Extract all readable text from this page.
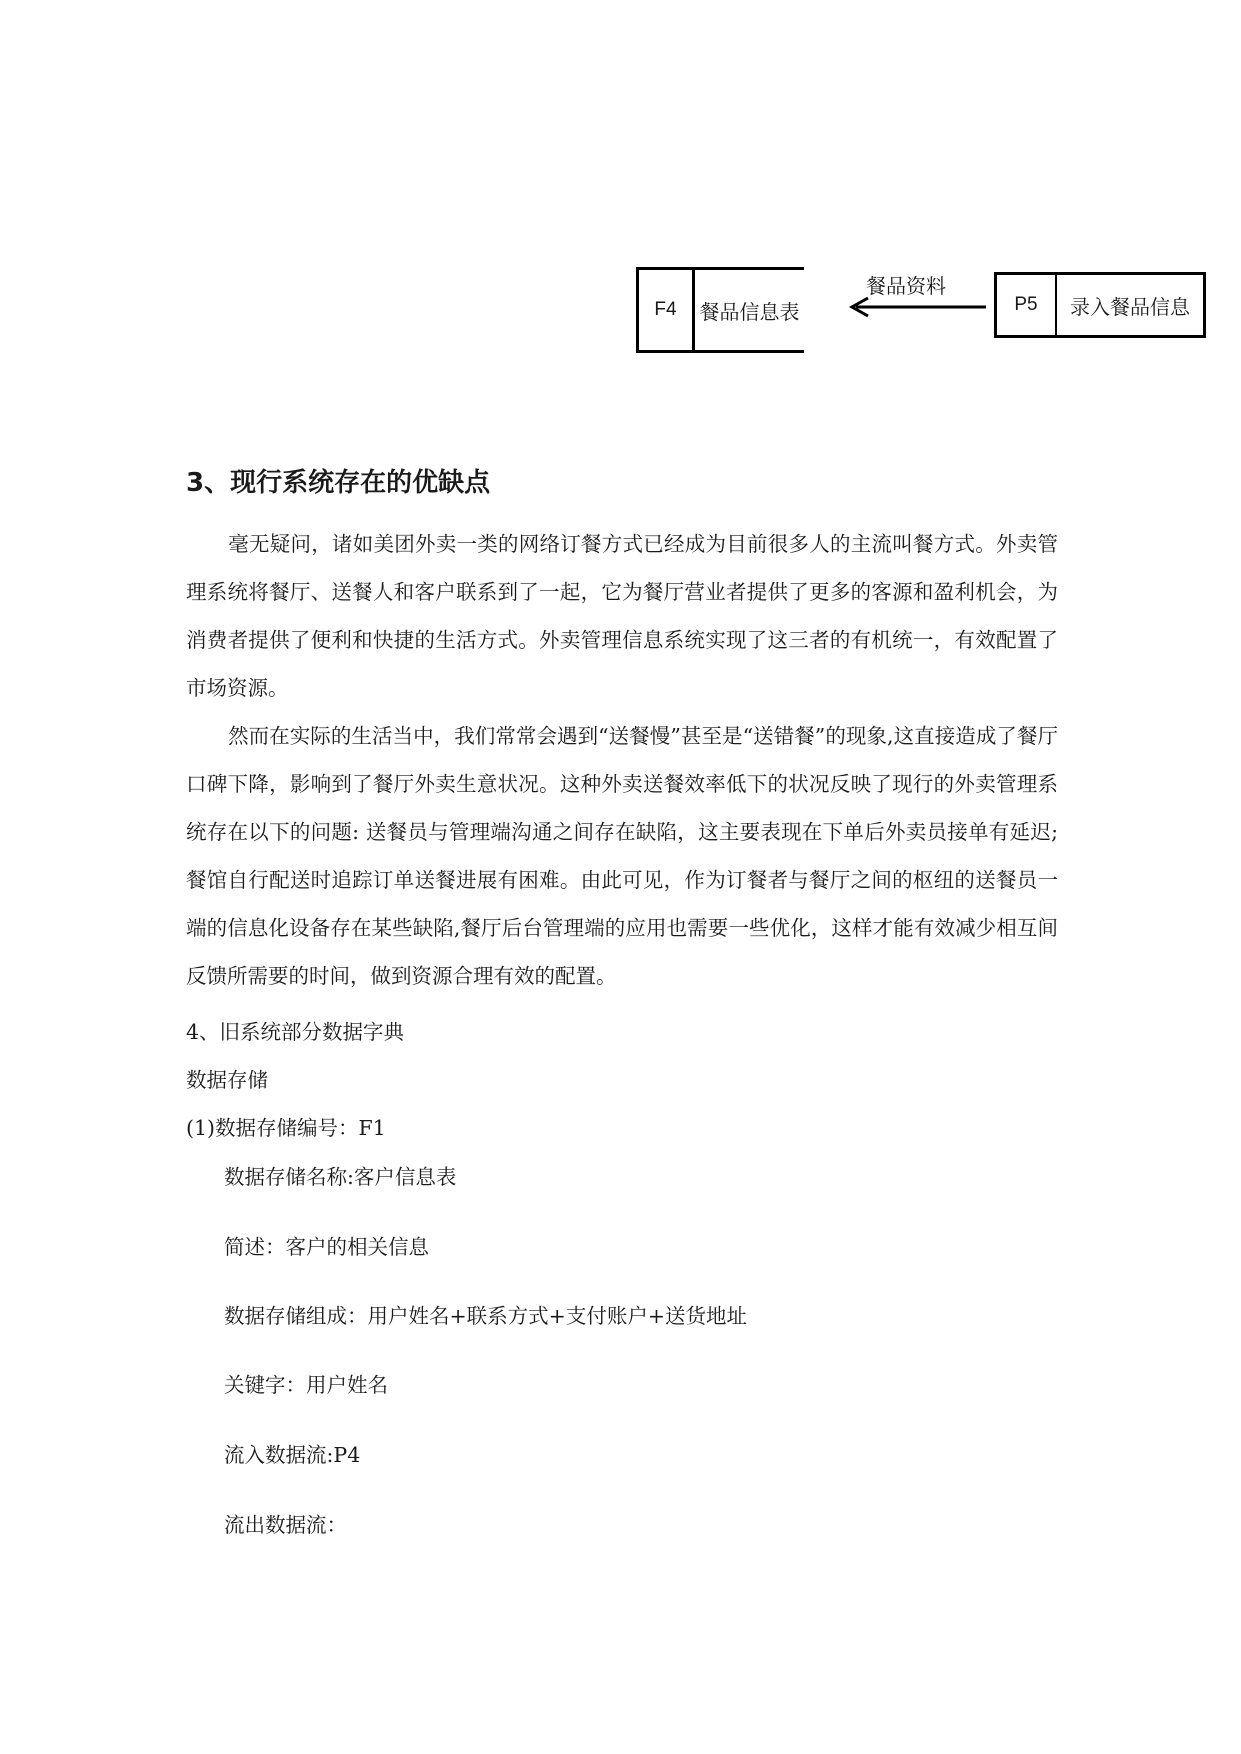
F4	餐品信息表
餐品资料
P5	录入餐品信息
3、现行系统存在的优缺点
毫无疑问，诸如美团外卖一类的网络订餐方式已经成为目前很多人的主流叫餐方式。外卖管理系统将餐厅、送餐人和客户联系到了一起，它为餐厅营业者提供了更多的客源和盈利机会，为消费者提供了便利和快捷的生活方式。外卖管理信息系统实现了这三者的有机统一，有效配置了市场资源。
然而在实际的生活当中，我们常常会遇到“送餐慢”甚至是“送错餐”的现象,这直接造成了餐厅口碑下降，影响到了餐厅外卖生意状况。这种外卖送餐效率低下的状况反映了现行的外卖管理系统存在以下的问题: 送餐员与管理端沟通之间存在缺陷，这主要表现在下单后外卖员接单有延迟; 餐馆自行配送时追踪订单送餐进展有困难。由此可见，作为订餐者与餐厅之间的枢纽的送餐员一端的信息化设备存在某些缺陷,餐厅后台管理端的应用也需要一些优化，这样才能有效减少相互间反馈所需要的时间，做到资源合理有效的配置。
4、旧系统部分数据字典
数据存储
(1)数据存储编号：F1
数据存储名称:客户信息表
简述：客户的相关信息
数据存储组成：用户姓名+联系方式+支付账户+送货地址
关键字：用户姓名
流入数据流:P4
流出数据流：
